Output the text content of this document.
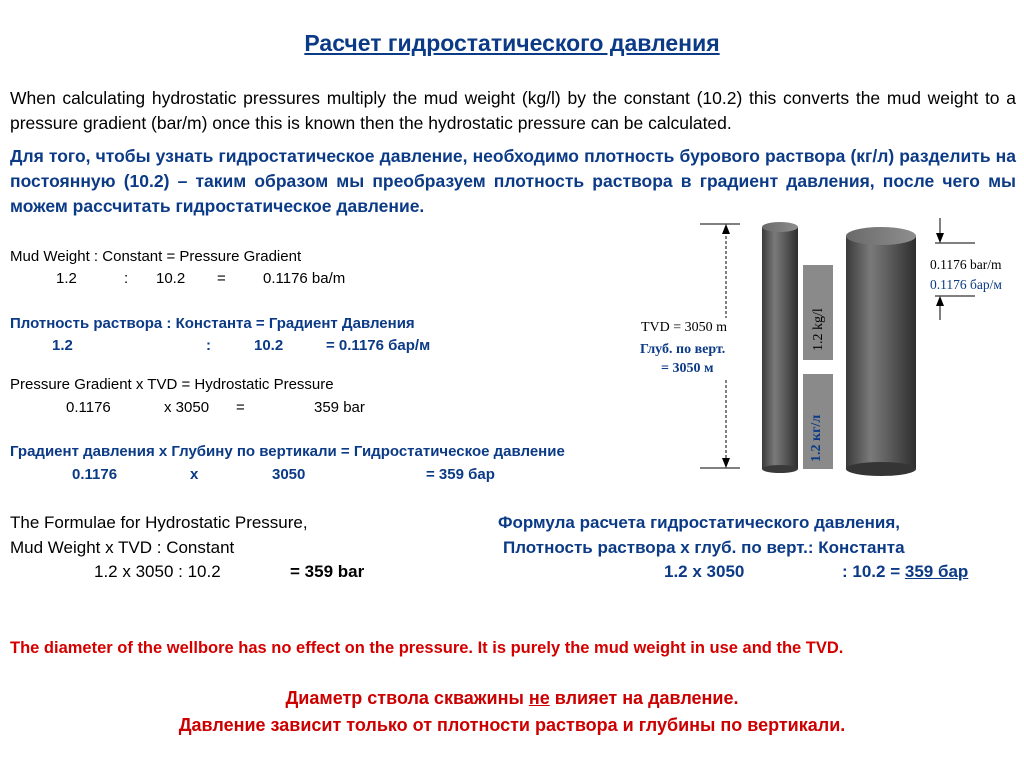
Расчет гидростатического давления
When calculating hydrostatic pressures multiply the mud weight (kg/l) by the constant (10.2) this converts the mud weight to a pressure gradient (bar/m) once this is known then the hydrostatic pressure can be calculated.
Для того, чтобы узнать гидростатическое давление, необходимо плотность бурового раствора (кг/л) разделить на постоянную (10.2) – таким образом мы преобразуем плотность раствора в градиент давления, после чего мы можем рассчитать гидростатическое давление.
Mud Weight : Constant = Pressure Gradient
1.2	: 10.2 = 0.1176 ba/m
Плотность раствора : Константа = Градиент Давления
1.2	:	10.2	= 0.1176 бар/м
Pressure Gradient x TVD = Hydrostatic Pressure
0.1176	x 3050 =	359 bar
Градиент давления x Глубину по вертикали = Гидростатическое давление
0.1176	x	3050	= 359 бар
The Formulae for Hydrostatic Pressure,
Mud Weight x TVD : Constant
1.2 x 3050 : 10.2	= 359 bar
Формула расчета гидростатического давления,
Плотность раствора x глуб. по верт.: Константа
1.2 x 3050	: 10.2 = 359 бар
The diameter of the wellbore has no effect on the pressure. It is purely the mud weight in use and the TVD.
Диаметр ствола скважины не влияет на давление.
Давление зависит только от плотности раствора и глубины по вертикали.
TVD = 3050 m
Глуб. по верт.
= 3050 м
1.2 kg/l
1.2 кг/л
0.1176 bar/m
0.1176 бар/м
